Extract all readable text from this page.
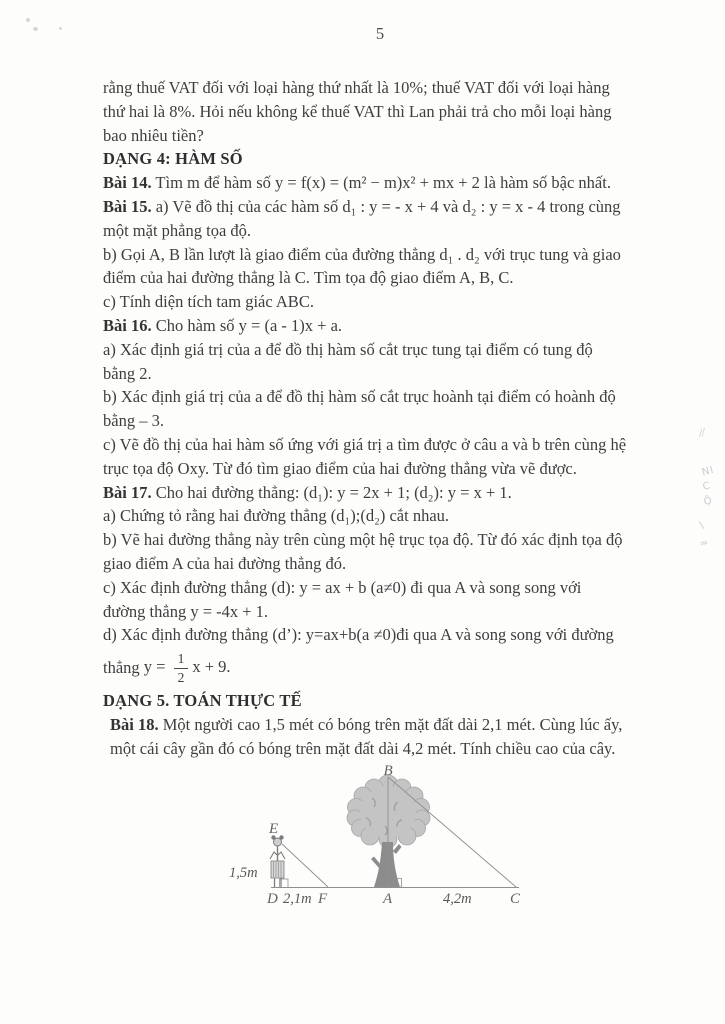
5
rằng thuế VAT đối với loại hàng thứ nhất là 10%; thuế VAT đối với loại hàng
thứ hai là 8%. Hỏi nếu không kể thuế VAT thì Lan phải trả cho mỗi loại hàng
bao nhiêu tiền?
DẠNG 4: HÀM SỐ
Bài 14. Tìm m để hàm số y = f(x) = (m² − m)x² + mx + 2 là hàm số bậc nhất.
Bài 15. a) Vẽ đồ thị của các hàm số d₁ : y = - x + 4 và d₂ : y = x - 4 trong cùng
một mặt phẳng tọa độ.
b) Gọi A, B lần lượt là giao điểm của đường thẳng d₁ . d₂ với trục tung và giao
điểm của hai đường thẳng là C. Tìm tọa độ giao điểm A, B, C.
c) Tính diện tích tam giác ABC.
Bài 16. Cho hàm số y = (a - 1)x + a.
a) Xác định giá trị của a để đồ thị hàm số cắt trục tung tại điểm có tung độ
bằng 2.
b) Xác định giá trị của a để đồ thị hàm số cắt trục hoành tại điểm có hoành độ
bằng – 3.
c) Vẽ đồ thị của hai hàm số ứng với giá trị a tìm được ở câu a và b trên cùng hệ
trục tọa độ Oxy. Từ đó tìm giao điểm của hai đường thẳng vừa vẽ được.
Bài 17. Cho hai đường thẳng: (d₁): y = 2x + 1; (d₂): y = x + 1.
a) Chứng tỏ rằng hai đường thẳng (d₁);(d₂) cắt nhau.
b) Vẽ hai đường thẳng này trên cùng một hệ trục tọa độ. Từ đó xác định tọa độ
giao điểm A của hai đường thẳng đó.
c) Xác định đường thẳng (d): y = ax + b (a≠0) đi qua A và song song với
đường thẳng y = -4x + 1.
d) Xác định đường thẳng (d’): y=ax+b(a ≠0)đi qua A và song song với đường
thẳng $y = \frac{1}{2}$ x + 9.
DẠNG 5. TOÁN THỰC TẾ
Bài 18. Một người cao 1,5 mét có bóng trên mặt đất dài 2,1 mét. Cùng lúc ấy,
một cái cây gần đó có bóng trên mặt đất dài 4,2 mét. Tính chiều cao của cây.
B
E
1,5m
D 2,1m F	A	4,2m	C
⁄⁄
NI
C
Ộ
\
≈
